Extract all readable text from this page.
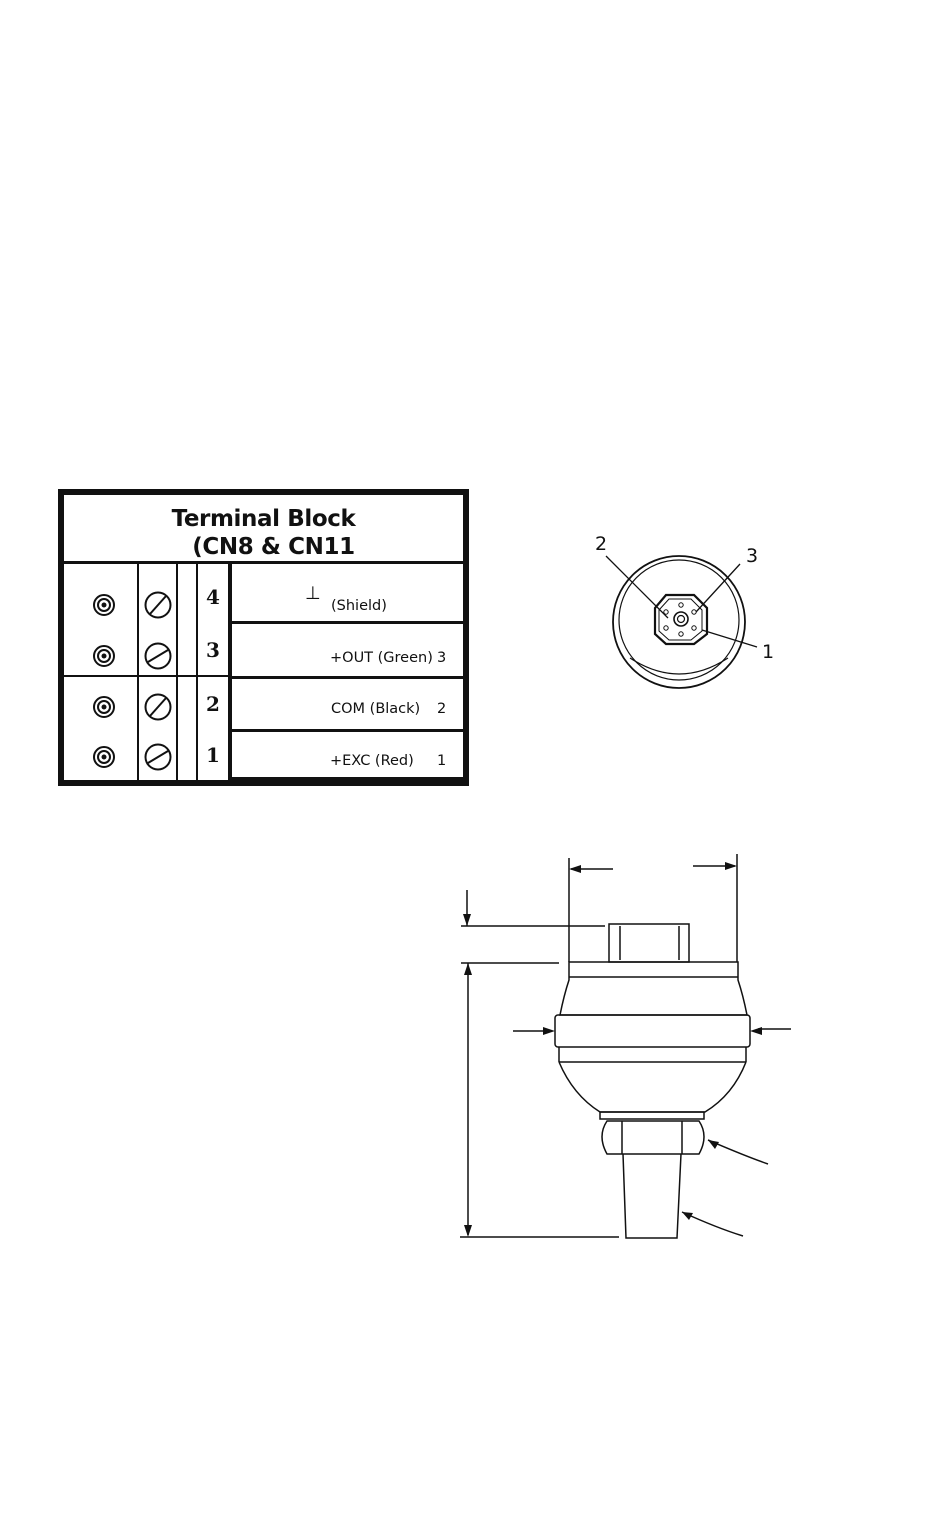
Terminal Block
(CN8 & CN11
4
3
2
1
⊥
(Shield)
+OUT (Green) 3
COM (Black) 2
+EXC (Red) 1
2
3
1
